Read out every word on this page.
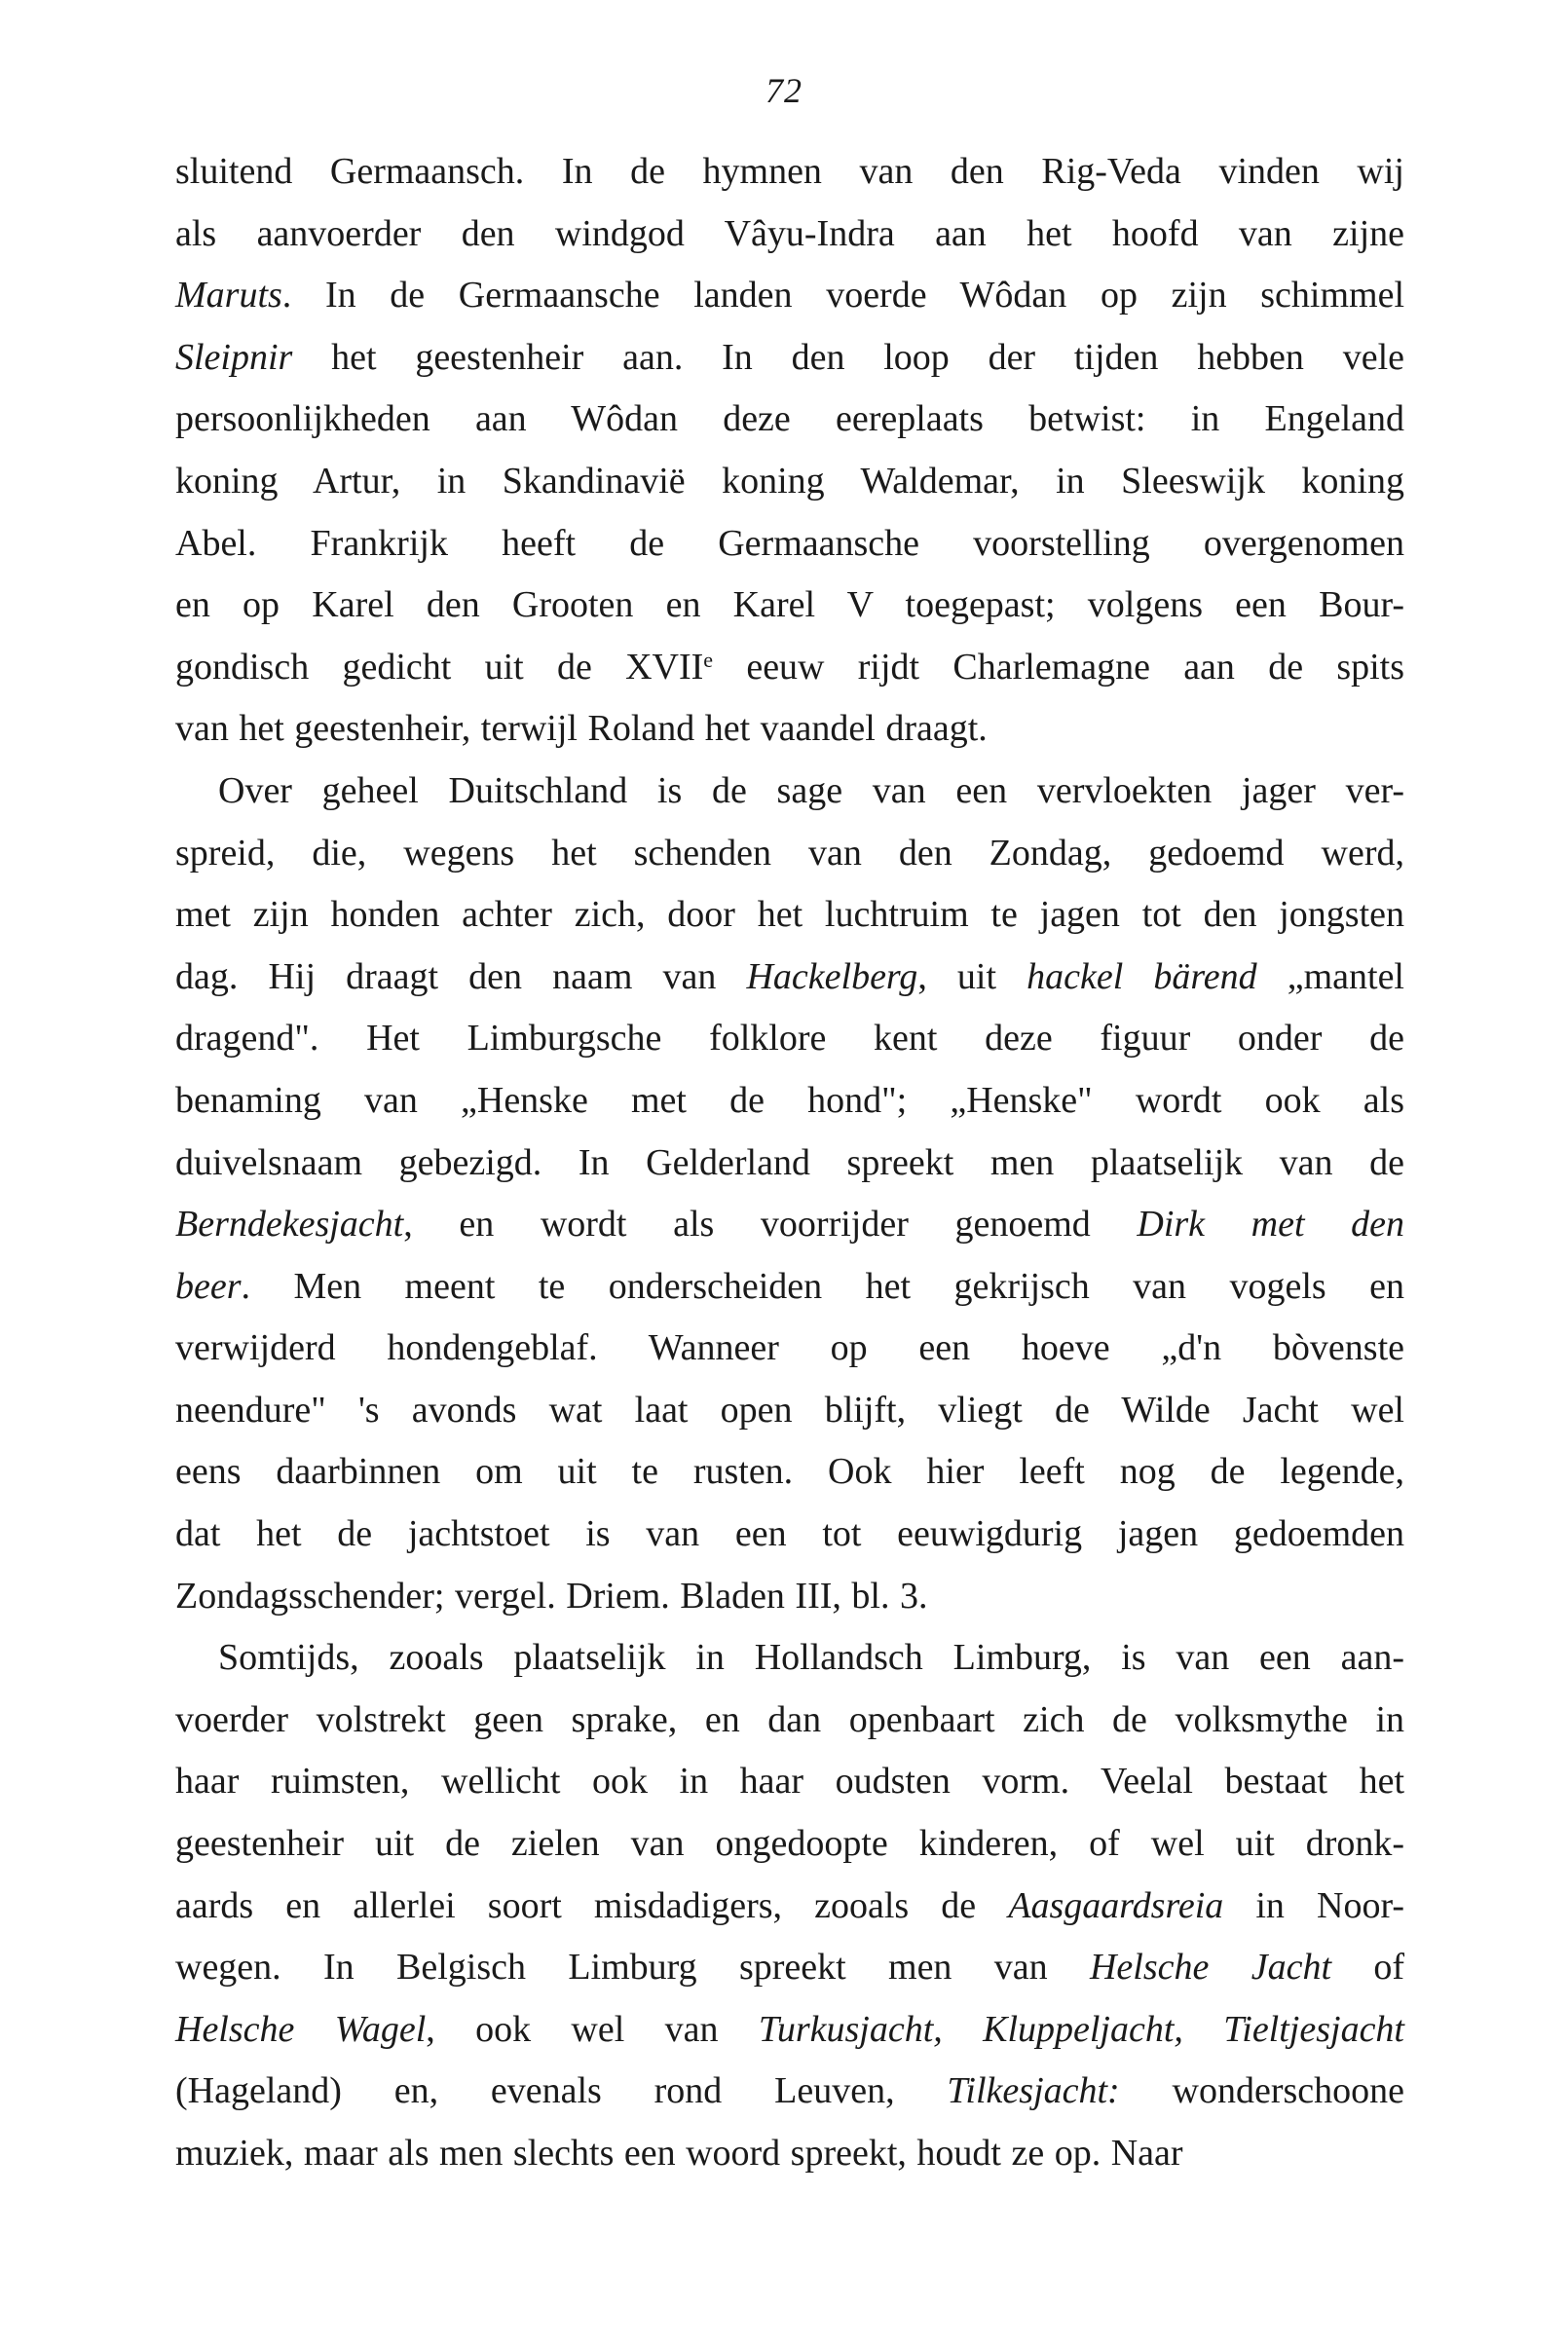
72
sluitend Germaansch. In de hymnen van den Rig-Veda vinden wij
als aanvoerder den windgod Vâyu-Indra aan het hoofd van zijne
Maruts. In de Germaansche landen voerde Wôdan op zijn schimmel
Sleipnir het geestenheir aan. In den loop der tijden hebben vele
persoonlijkheden aan Wôdan deze eereplaats betwist: in Engeland
koning Artur, in Skandinavië koning Waldemar, in Sleeswijk koning
Abel. Frankrijk heeft de Germaansche voorstelling overgenomen
en op Karel den Grooten en Karel V toegepast; volgens een Bour-
gondisch gedicht uit de XVIIe eeuw rijdt Charlemagne aan de spits
van het geestenheir, terwijl Roland het vaandel draagt.
Over geheel Duitschland is de sage van een vervloekten jager ver-
spreid, die, wegens het schenden van den Zondag, gedoemd werd,
met zijn honden achter zich, door het luchtruim te jagen tot den jongsten
dag. Hij draagt den naam van Hackelberg, uit hackel bärend „mantel
dragend". Het Limburgsche folklore kent deze figuur onder de
benaming van „Henske met de hond"; „Henske" wordt ook als
duivelsnaam gebezigd. In Gelderland spreekt men plaatselijk van de
Berndekesjacht, en wordt als voorrijder genoemd Dirk met den
beer. Men meent te onderscheiden het gekrijsch van vogels en
verwijderd hondengeblaf. Wanneer op een hoeve „d'n bòvenste
neendure" 's avonds wat laat open blijft, vliegt de Wilde Jacht wel
eens daarbinnen om uit te rusten. Ook hier leeft nog de legende,
dat het de jachtstoet is van een tot eeuwigdurig jagen gedoemden
Zondagsschender; vergel. Driem. Bladen III, bl. 3.
Somtijds, zooals plaatselijk in Hollandsch Limburg, is van een aan-
voerder volstrekt geen sprake, en dan openbaart zich de volksmythe in
haar ruimsten, wellicht ook in haar oudsten vorm. Veelal bestaat het
geestenheir uit de zielen van ongedoopte kinderen, of wel uit dronk-
aards en allerlei soort misdadigers, zooals de Aasgaardsreia in Noor-
wegen. In Belgisch Limburg spreekt men van Helsche Jacht of
Helsche Wagel, ook wel van Turkusjacht, Kluppeljacht, Tieltjesjacht
(Hageland) en, evenals rond Leuven, Tilkesjacht: wonderschoone
muziek, maar als men slechts een woord spreekt, houdt ze op. Naar
